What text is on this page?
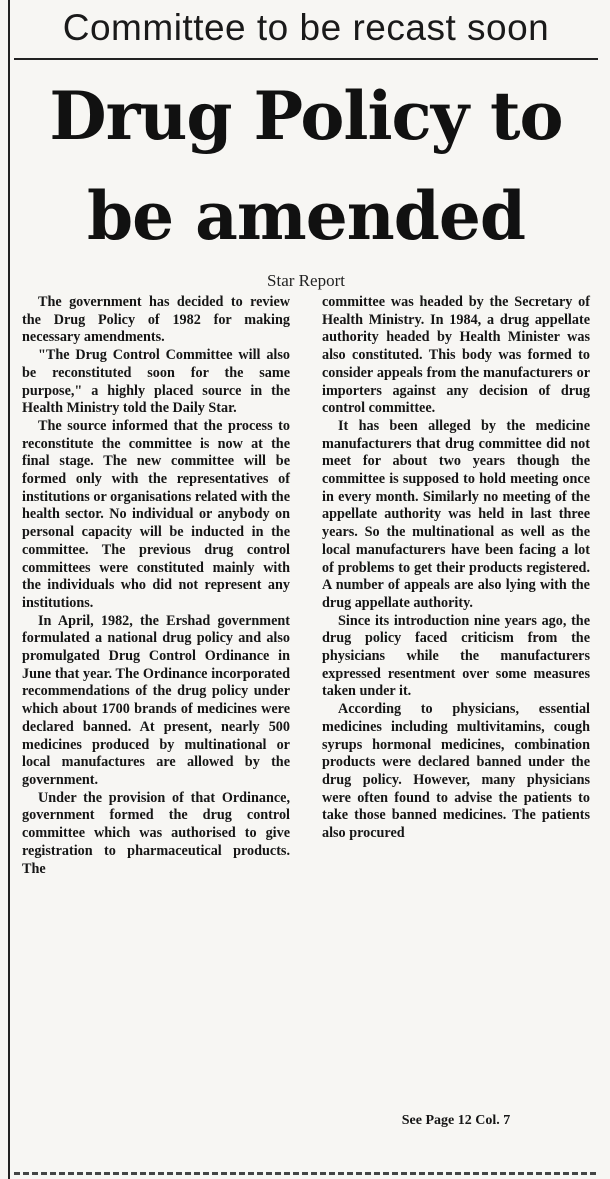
Committee to be recast soon
Drug Policy to
be amended
Star Report

The government has decided to review the Drug Policy of 1982 for making necessary amendments.

"The Drug Control Committee will also be reconstituted soon for the same purpose," a highly placed source in the Health Ministry told the Daily Star.

The source informed that the process to reconstitute the committee is now at the final stage. The new committee will be formed only with the representatives of institutions or organisations related with the health sector. No individual or anybody on personal capacity will be inducted in the committee. The previous drug control committees were constituted mainly with the individuals who did not represent any institutions.

In April, 1982, the Ershad government formulated a national drug policy and also promulgated Drug Control Ordinance in June that year. The Ordinance incorporated recommendations of the drug policy under which about 1700 brands of medicines were declared banned. At present, nearly 500 medicines produced by multinational or local manufactures are allowed by the government.

Under the provision of that Ordinance, government formed the drug control committee which was authorised to give registration to pharmaceutical products. The

committee was headed by the Secretary of Health Ministry. In 1984, a drug appellate authority headed by Health Minister was also constituted. This body was formed to consider appeals from the manufacturers or importers against any decision of drug control committee.

It has been alleged by the medicine manufacturers that drug committee did not meet for about two years though the committee is supposed to hold meeting once in every month. Similarly no meeting of the appellate authority was held in last three years. So the multinational as well as the local manufacturers have been facing a lot of problems to get their products registered. A number of appeals are also lying with the drug appellate authority.

Since its introduction nine years ago, the drug policy faced criticism from the physicians while the manufacturers expressed resentment over some measures taken under it.

According to physicians, essential medicines including multivitamins, cough syrups hormonal medicines, combination products were declared banned under the drug policy. However, many physicians were often found to advise the patients to take those banned medicines. The patients also procured

See Page 12 Col. 7
